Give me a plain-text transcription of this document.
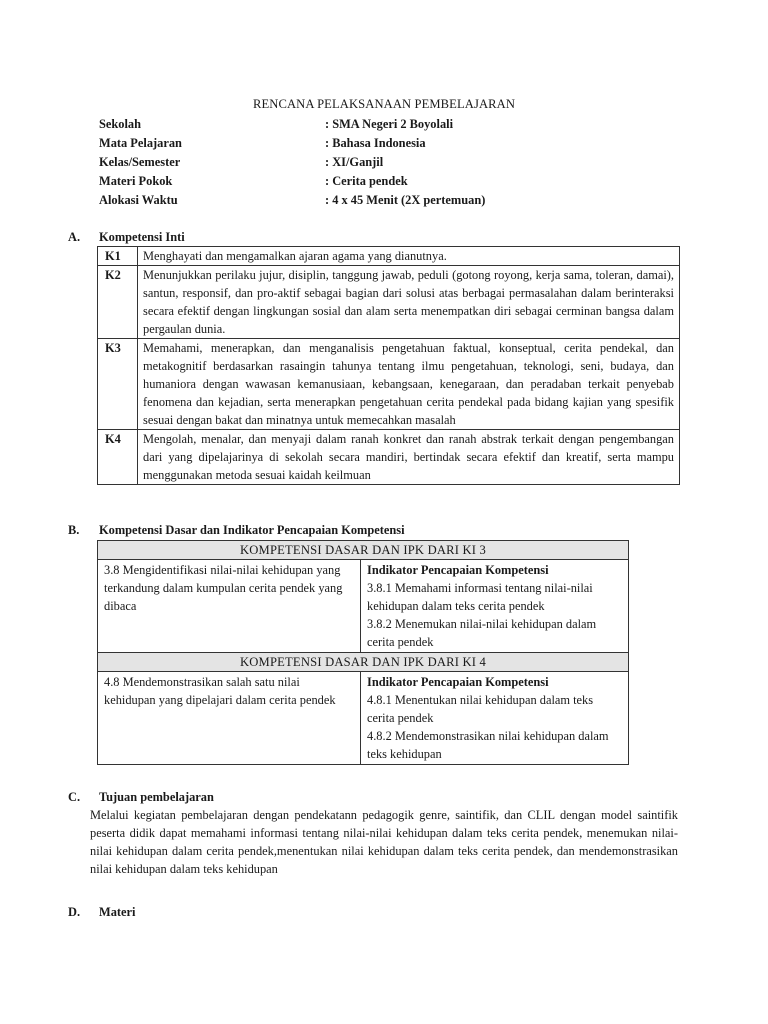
RENCANA PELAKSANAAN PEMBELAJARAN
Sekolah	: SMA Negeri 2 Boyolali
Mata Pelajaran	: Bahasa Indonesia
Kelas/Semester	: XI/Ganjil
Materi Pokok	: Cerita pendek
Alokasi Waktu	: 4 x 45 Menit (2X pertemuan)
A. Kompetensi Inti
K1	Menghayati dan mengamalkan ajaran agama yang dianutnya.
K2	Menunjukkan perilaku jujur, disiplin, tanggung jawab, peduli (gotong royong, kerja sama, toleran, damai), santun, responsif, dan pro-aktif sebagai bagian dari solusi atas berbagai permasalahan dalam berinteraksi secara efektif dengan lingkungan sosial dan alam serta menempatkan diri sebagai cerminan bangsa dalam pergaulan dunia.
K3	Memahami, menerapkan, dan menganalisis pengetahuan faktual, konseptual, cerita pendekal, dan metakognitif berdasarkan rasaingin tahunya tentang ilmu pengetahuan, teknologi, seni, budaya, dan humaniora dengan wawasan kemanusiaan, kebangsaan, kenegaraan, dan peradaban terkait penyebab fenomena dan kejadian, serta menerapkan pengetahuan cerita pendekal pada bidang kajian yang spesifik sesuai dengan bakat dan minatnya untuk memecahkan masalah
K4	Mengolah, menalar, dan menyaji dalam ranah konkret dan ranah abstrak terkait dengan pengembangan dari yang dipelajarinya di sekolah secara mandiri, bertindak secara efektif dan kreatif, serta mampu menggunakan metoda sesuai kaidah keilmuan
B. Kompetensi Dasar dan Indikator Pencapaian Kompetensi
KOMPETENSI DASAR DAN IPK DARI KI 3	
3.8 Mengidentifikasi nilai-nilai kehidupan yang terkandung dalam kumpulan cerita pendek yang dibaca	Indikator Pencapaian Kompetensi
3.8.1 Memahami informasi tentang nilai-nilai kehidupan dalam teks cerita pendek
3.8.2 Menemukan nilai-nilai kehidupan dalam cerita pendek

KOMPETENSI DASAR DAN IPK DARI KI 4	
4.8 Mendemonstrasikan salah satu nilai kehidupan yang dipelajari dalam cerita pendek	Indikator Pencapaian Kompetensi
4.8.1 Menentukan nilai kehidupan dalam teks cerita pendek
4.8.2 Mendemonstrasikan nilai kehidupan dalam teks kehidupan
C. Tujuan pembelajaran
Melalui kegiatan pembelajaran dengan pendekatann pedagogik genre, saintifik, dan CLIL dengan model saintifik peserta didik dapat memahami informasi tentang nilai-nilai kehidupan dalam teks cerita pendek, menemukan nilai-nilai kehidupan dalam cerita pendek,menentukan nilai kehidupan dalam teks cerita pendek, dan mendemonstrasikan nilai kehidupan dalam teks kehidupan
D. Materi
